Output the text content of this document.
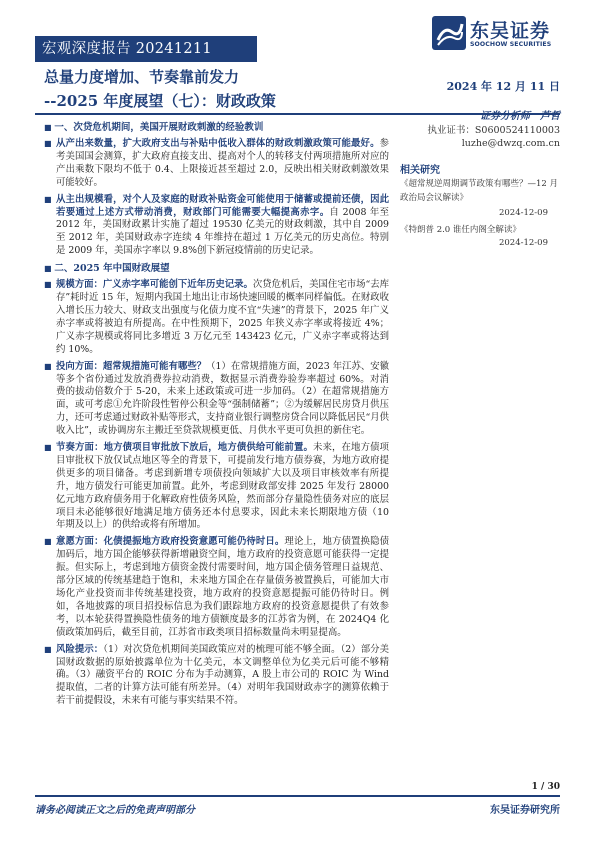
宏观深度报告 20241211
东吴证券
SOOCHOW SECURITIES
总量力度增加、节奏靠前发力
--2025 年度展望（七）：财政政策
2024 年 12 月 11 日
证券分析师　芦哲
执业证书：S0600524110003
luzhe@dwzq.com.cn
相关研究
《超常规逆周期调节政策有哪些？—12 月政治局会议解读》
2024-12-09
《特朗普 2.0 谁任内阁全解读》
2024-12-09
■ 一、次贷危机期间，美国开展财政刺激的经验教训
■ 从产出来数量，扩大政府支出与补贴中低收入群体的财政刺激政策可能最好。参考美国国会测算，扩大政府直接支出、提高对个人的转移支付两项措施所对应的产出乘数下限均不低于 0.4、上限接近甚至超过 2.0，反映出相关财政刺激效果可能较好。
■ 从主出规模看，对个人及家庭的财政补贴资金可能使用于储蓄或提前还债，因此若要通过上述方式带动消费，财政部门可能需要大幅提高赤字。自 2008 年至 2012 年，美国财政累计实施了超过 19530 亿美元的财政刺激，其中自 2009 至 2012 年，美国财政赤字连续 4 年维持在超过 1 万亿美元的历史高位。特别是 2009 年，美国赤字率以 9.8%创下新冠疫情前的历史记录。
■ 二、2025 年中国财政展望
■ 规模方面：广义赤字率可能创下近年历史记录。次贷危机后，美国住宅市场“去库存”耗时近 15 年，短期内我国土地出让市场快速回暖的概率同样偏低。在财政收入增长压力较大、财政支出强度与化债力度不宜“失速”的背景下，2025 年广义赤字率或将被迫有所提高。在中性预期下，2025 年狭义赤字率或将接近 4%；广义赤字规模或将同比多增近 3 万亿元至 143423 亿元，广义赤字率或将达到约 10%。
■ 投向方面：超常规措施可能有哪些？（1）在常规措施方面，2023 年江苏、安徽等多个省份通过发放消费券拉动消费，数据显示消费券验券率超过 60%。对消费的拔动倍数介于 5-20，未来上述政策或可进一步加码。（2）在超常规措施方面，或可考虑①允许阶段性暂停公积金等“强制储蓄”；②为缓解居民房贷月供压力，还可考虑通过财政补贴等形式，支持商业银行调整房贷合同以降低居民“月供收入比”，或协调房东主搬迁至贷款规模更低、月供水平更可负担的新住宅。
■ 节奏方面：地方债项目审批放下放后，地方债供给可能前置。未来，在地方债项目审批权下放仅试点地区等全的背景下，可提前发行地方债券赛，为地方政府提供更多的项目储备。考虑到新增专项债投向领域扩大以及项目审核效率有所提升，地方债发行可能更加前置。此外，考虑到财政部安排 2025 年发行 28000 亿元地方政府债务用于化解政府性债务风险，然而部分存量隐性债务对应的底层项目未必能够很好地满足地方债务还本付息要求，因此未来长期限地方债（10 年期及以上）的供给或将有所增加。
■ 意愿方面：化债提振地方政府投资意愿可能仍待时日。理论上，地方债置换隐债加码后，地方国企能够获得新增融资空间，地方政府的投资意愿可能获得一定提振。但实际上，考虑到地方债资金拨付需要时间，地方国企债务管理日益规范、部分区域的传统基建趋于饱和，未来地方国企在存量债务被置换后，可能加大市场化产业投资而非传统基建投资，地方政府的投资意愿提振可能仍待时日。例如，各地披露的项目招投标信息为我们跟踪地方政府的投资意愿提供了有效参考，以本轮获得置换隐性债务的地方债额度最多的江苏省为例，在 2024Q4 化债政策加码后，截至目前，江苏省市政类项目招标数量尚未明显提高。
■ 风险提示：（1）对次贷危机期间美国政策应对的梳理可能不够全面。（2）部分美国财政数据的原始披露单位为十亿美元，本文调整单位为亿美元后可能不够精确。（3）融资平台的 ROIC 分布为手动测算，A 股上市公司的 ROIC 为 Wind 提取值，二者的计算方法可能有所差异。（4）对明年我国财政赤字的测算依赖于若干前提假设，未来有可能与事实结果不符。
1 / 30
请务必阅读正文之后的免责声明部分	东吴证券研究所
